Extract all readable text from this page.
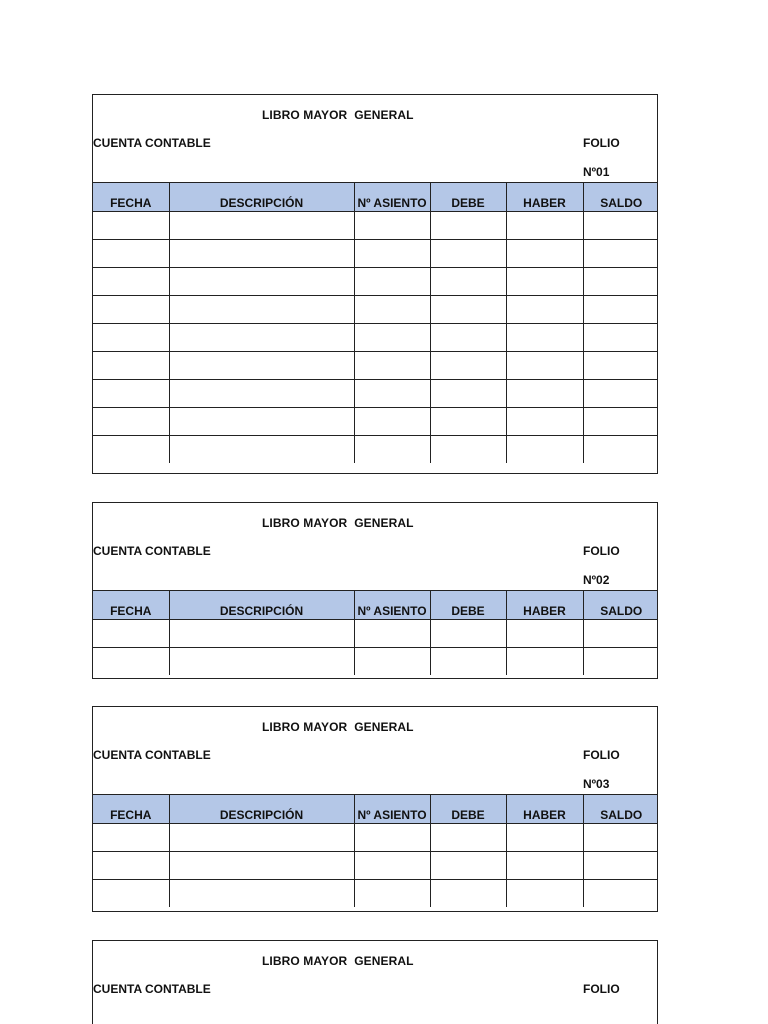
LIBRO MAYOR  GENERAL
CUENTA CONTABLE	FOLIO
Nº01
FECHA	DESCRIPCIÓN	Nº ASIENTO	DEBE	HABER	SALDO

LIBRO MAYOR  GENERAL
CUENTA CONTABLE	FOLIO
Nº02
FECHA	DESCRIPCIÓN	Nº ASIENTO	DEBE	HABER	SALDO

LIBRO MAYOR  GENERAL
CUENTA CONTABLE	FOLIO
Nº03
FECHA	DESCRIPCIÓN	Nº ASIENTO	DEBE	HABER	SALDO

LIBRO MAYOR  GENERAL
CUENTA CONTABLE	FOLIO
